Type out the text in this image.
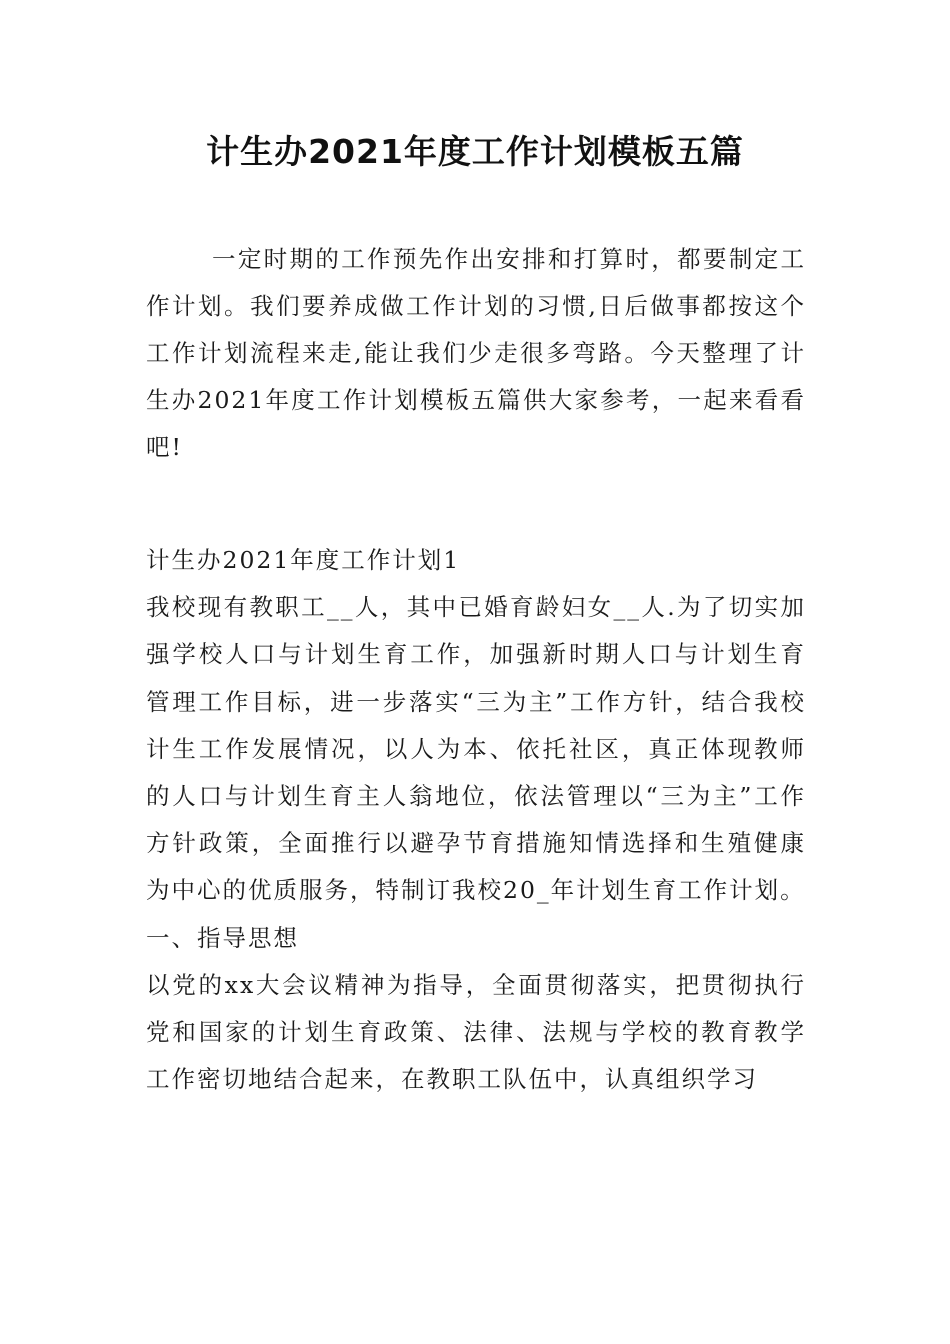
计生办2021年度工作计划模板五篇

一定时期的工作预先作出安排和打算时，都要制定工作计划。我们要养成做工作计划的习惯,日后做事都按这个工作计划流程来走,能让我们少走很多弯路。今天整理了计生办2021年度工作计划模板五篇供大家参考，一起来看看吧!

计生办2021年度工作计划1

我校现有教职工__人，其中已婚育龄妇女__人.为了切实加强学校人口与计划生育工作，加强新时期人口与计划生育管理工作目标，进一步落实“三为主”工作方针，结合我校计生工作发展情况，以人为本、依托社区，真正体现教师的人口与计划生育主人翁地位，依法管理以“三为主”工作方针政策，全面推行以避孕节育措施知情选择和生殖健康为中心的优质服务，特制订我校20_年计划生育工作计划。

一、指导思想

以党的xx大会议精神为指导，全面贯彻落实，把贯彻执行党和国家的计划生育政策、法律、法规与学校的教育教学工作密切地结合起来，在教职工队伍中，认真组织学习
